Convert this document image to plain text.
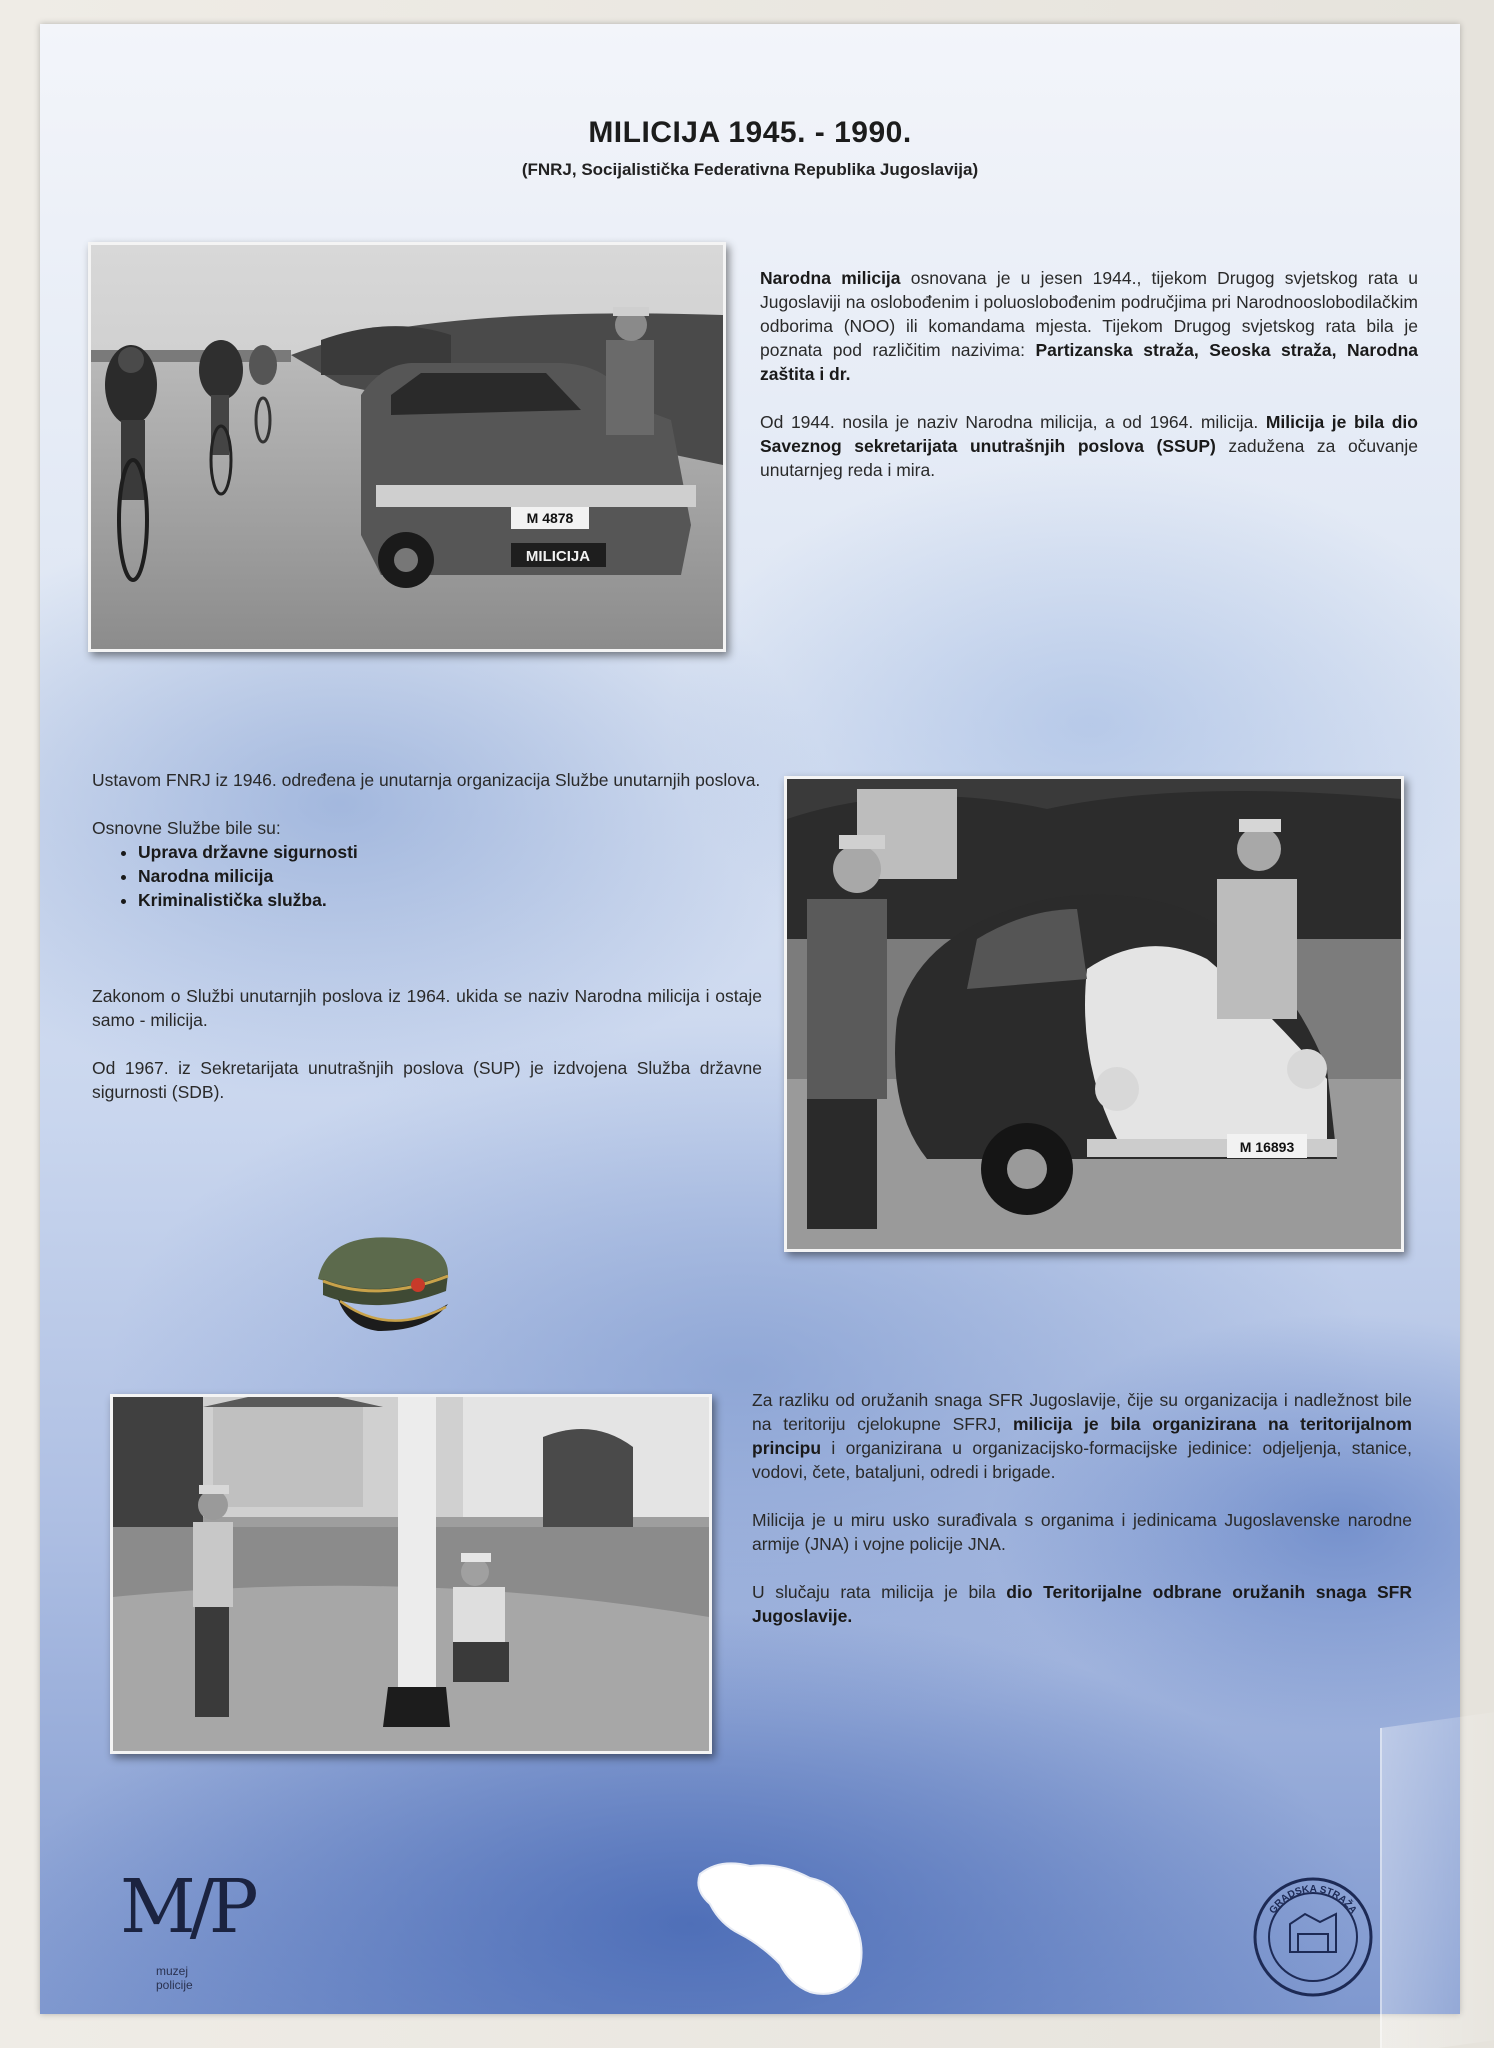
MILICIJA 1945. - 1990.
(FNRJ, Socijalistička Federativna Republika Jugoslavija)
M 4878
MILICIJA

Narodna milicija osnovana je u jesen 1944., tijekom Drugog svjetskog rata u Jugoslaviji na oslobođenim i poluoslobođenim područjima pri Narodnooslobodilačkim odborima (NOO) ili komandama mjesta. Tijekom Drugog svjetskog rata bila je poznata pod različitim nazivima: Partizanska straža, Seoska straža, Narodna zaštita i dr.

Od 1944. nosila je naziv Narodna milicija, a od 1964. milicija. Milicija je bila dio Saveznog sekretarijata unutrašnjih poslova (SSUP) zadužena za očuvanje unutarnjeg reda i mira.

Ustavom FNRJ iz 1946. određena je unutarnja organizacija Službe unutarnjih poslova.

Osnovne Službe bile su:

• Uprava državne sigurnosti
• Narodna milicija
• Kriminalistička služba.

Zakonom o Službi unutarnjih poslova iz 1964. ukida se naziv Narodna milicija i ostaje samo - milicija.

Od 1967. iz Sekretarijata unutrašnjih poslova (SUP) je izdvojena Služba državne sigurnosti (SDB).

M 16893

Za razliku od oružanih snaga SFR Jugoslavije, čije su organizacija i nadležnost bile na teritoriju cjelokupne SFRJ, milicija je bila organizirana na teritorijalnom principu i organizirana u organizacijsko-formacijske jedinice: odjeljenja, stanice, vodovi, čete, bataljuni, odredi i brigade.

Milicija je u miru usko surađivala s organima i jedinicama Jugoslavenske narodne armije (JNA) i vojne policije JNA.

U slučaju rata milicija je bila dio Teritorijalne odbrane oružanih snaga SFR Jugoslavije.

M/P
muzej
policije
GRADSKA STRAŽA
